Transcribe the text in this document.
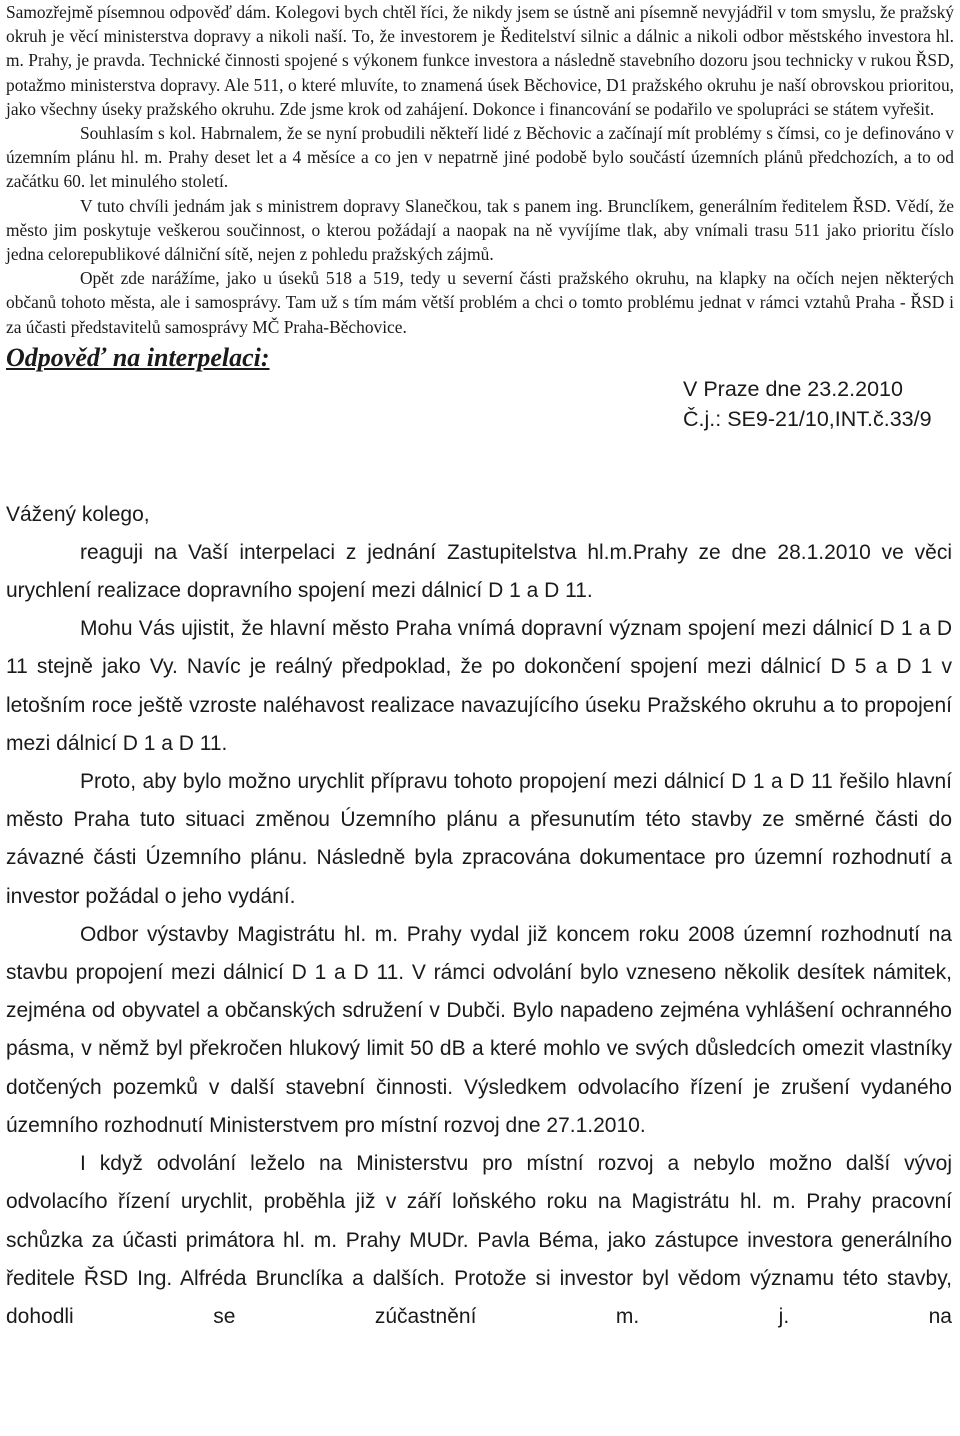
Samozřejmě písemnou odpověď dám. Kolegovi bych chtěl říci, že nikdy jsem se ústně ani písemně nevyjádřil v tom smyslu, že pražský okruh je věcí ministerstva dopravy a nikoli naší. To, že investorem je Ředitelství silnic a dálnic a nikoli odbor městského investora hl. m. Prahy, je pravda. Technické činnosti spojené s výkonem funkce investora a následně stavebního dozoru jsou technicky v rukou ŘSD, potažmo ministerstva dopravy. Ale 511, o které mluvíte, to znamená úsek Běchovice, D1 pražského okruhu je naší obrovskou prioritou, jako všechny úseky pražského okruhu. Zde jsme krok od zahájení. Dokonce i financování se podařilo ve spolupráci se státem vyřešit.

Souhlasím s kol. Habrnalem, že se nyní probudili někteří lidé z Běchovic a začínají mít problémy s čímsi, co je definováno v územním plánu hl. m. Prahy deset let a 4 měsíce a co jen v nepatrně jiné podobě bylo součástí územních plánů předchozích, a to od začátku 60. let minulého století.

V tuto chvíli jednám jak s ministrem dopravy Slanečkou, tak s panem ing. Brunclíkem, generálním ředitelem ŘSD. Vědí, že město jim poskytuje veškerou součinnost, o kterou požádají a naopak na ně vyvíjíme tlak, aby vnímali trasu 511 jako prioritu číslo jedna celorepublikové dálniční sítě, nejen z pohledu pražských zájmů.

Opět zde narážíme, jako u úseků 518 a 519, tedy u severní části pražského okruhu, na klapky na očích nejen některých občanů tohoto města, ale i samosprávy. Tam už s tím mám větší problém a chci o tomto problému jednat v rámci vztahů Praha - ŘSD i za účasti představitelů samosprávy MČ Praha-Běchovice.

Odpověď na interpelaci:
V Praze dne 23.2.2010
Č.j.: SE9-21/10,INT.č.33/9
Vážený kolego,

reaguji na Vaší interpelaci z jednání Zastupitelstva hl.m.Prahy ze dne 28.1.2010 ve věci urychlení realizace dopravního spojení mezi dálnicí D 1 a D 11.

Mohu Vás ujistit, že hlavní město Praha vnímá dopravní význam spojení mezi dálnicí D 1 a D 11 stejně jako Vy. Navíc je reálný předpoklad, že po dokončení spojení mezi dálnicí D 5 a D 1 v letošním roce ještě vzroste naléhavost realizace navazujícího úseku Pražského okruhu a to propojení mezi dálnicí D 1 a D 11.

Proto, aby bylo možno urychlit přípravu tohoto propojení mezi dálnicí D 1 a D 11 řešilo hlavní město Praha tuto situaci změnou Územního plánu a přesunutím této stavby ze směrné části do závazné části Územního plánu. Následně byla zpracována dokumentace pro územní rozhodnutí a investor požádal o jeho vydání.

Odbor výstavby Magistrátu hl. m. Prahy vydal již koncem roku 2008 územní rozhodnutí na stavbu propojení mezi dálnicí D 1 a D 11. V rámci odvolání bylo vzneseno několik desítek námitek, zejména od obyvatel a občanských sdružení v Dubči. Bylo napadeno zejména vyhlášení ochranného pásma, v němž byl překročen hlukový limit 50 dB a které mohlo ve svých důsledcích omezit vlastníky dotčených pozemků v další stavební činnosti. Výsledkem odvolacího řízení je zrušení vydaného územního rozhodnutí Ministerstvem pro místní rozvoj dne 27.1.2010.

I když odvolání leželo na Ministerstvu pro místní rozvoj a nebylo možno další vývoj odvolacího řízení urychlit, proběhla již v září loňského roku na Magistrátu hl. m. Prahy pracovní schůzka za účasti primátora hl. m. Prahy MUDr. Pavla Béma, jako zástupce investora generálního ředitele ŘSD Ing. Alfréda Brunclíka a dalších. Protože si investor byl vědom významu této stavby, dohodli se zúčastnění m. j. na
